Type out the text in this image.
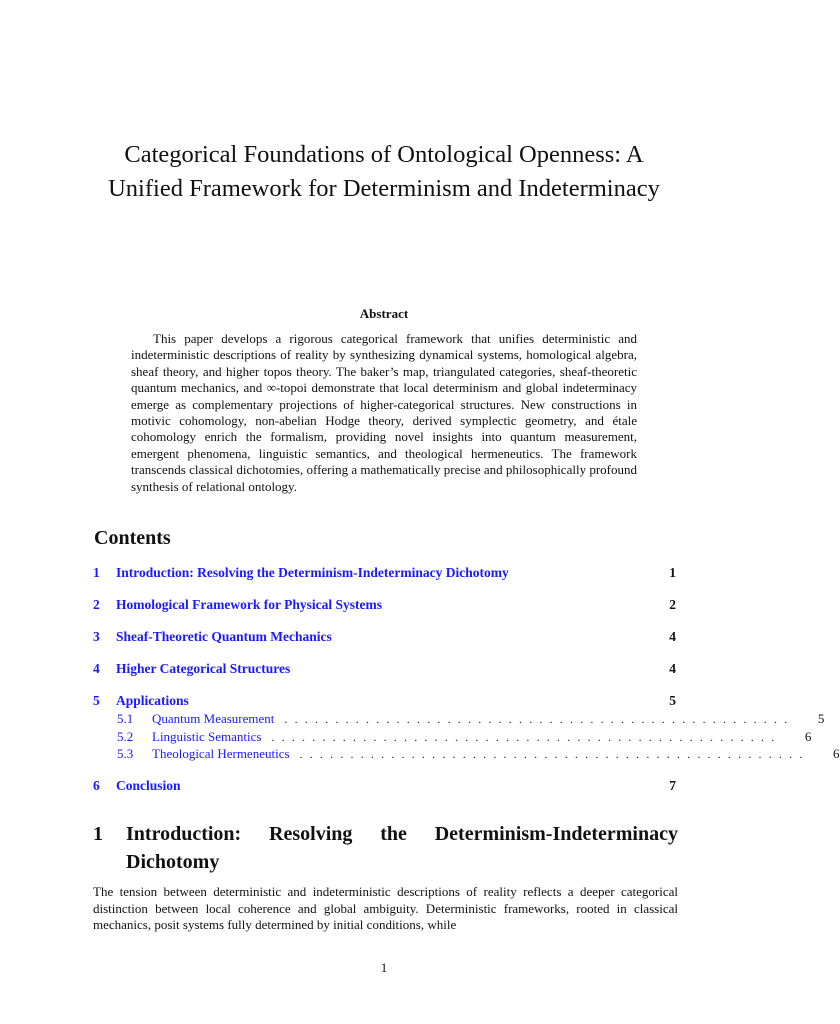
Categorical Foundations of Ontological Openness: A Unified Framework for Determinism and Indeterminacy
Abstract
This paper develops a rigorous categorical framework that unifies deterministic and indeterministic descriptions of reality by synthesizing dynamical systems, homological algebra, sheaf theory, and higher topos theory. The baker’s map, triangulated categories, sheaf-theoretic quantum mechanics, and ∞-topoi demonstrate that local determinism and global indeterminacy emerge as complementary projections of higher-categorical structures. New constructions in motivic cohomology, non-abelian Hodge theory, derived symplectic geometry, and étale cohomology enrich the formalism, providing novel insights into quantum measurement, emergent phenomena, linguistic semantics, and theological hermeneutics. The framework transcends classical dichotomies, offering a mathematically precise and philosophically profound synthesis of relational ontology.
Contents
1	Introduction: Resolving the Determinism-Indeterminacy Dichotomy	1
2	Homological Framework for Physical Systems	2
3	Sheaf-Theoretic Quantum Mechanics	4
4	Higher Categorical Structures	4
5	Applications	5
5.1	Quantum Measurement ..................................................	5
5.2	Linguistic Semantics ..................................................	6
5.3	Theological Hermeneutics ..................................................	6
6	Conclusion	7
1	Introduction: Resolving the Determinism-Indeterminacy Dichotomy
The tension between deterministic and indeterministic descriptions of reality reflects a deeper categorical distinction between local coherence and global ambiguity. Deterministic frameworks, rooted in classical mechanics, posit systems fully determined by initial conditions, while
1
